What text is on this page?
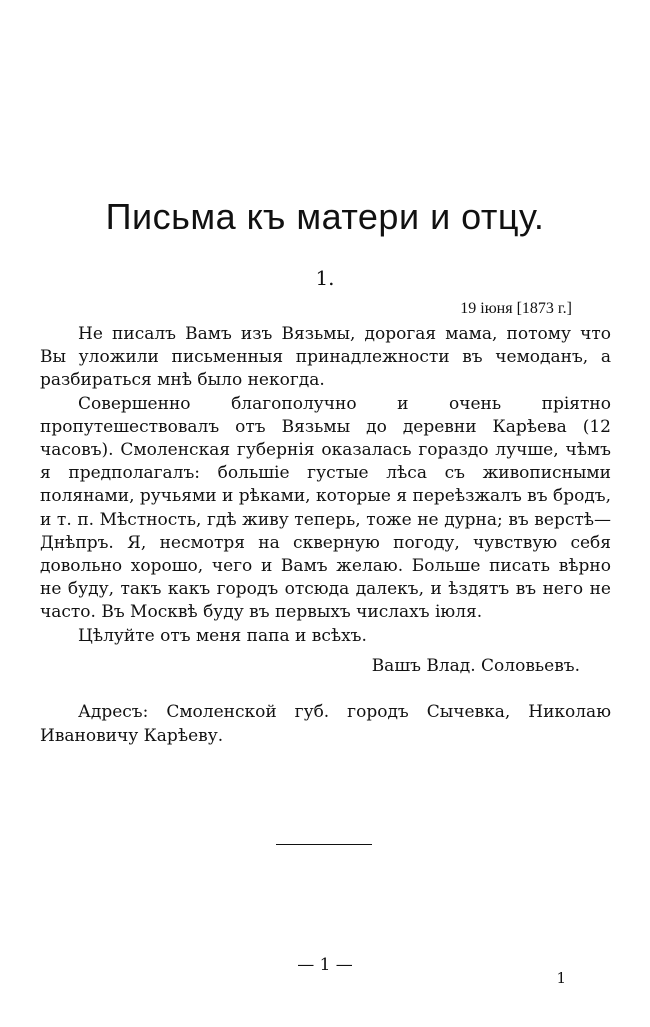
Письма къ матери и отцу.
1.
19 іюня [1873 г.]

Не писалъ Вамъ изъ Вязьмы, дорогая мама, потому что Вы уложили письменныя принадлежности въ чемоданъ, а разбираться мнѣ было некогда.

Совершенно благополучно и очень пріятно пропутешествовалъ отъ Вязьмы до деревни Карѣева (12 часовъ). Смоленская губернія оказалась гораздо лучше, чѣмъ я предполагалъ: большіе густые лѣса съ живописными полянами, ручьями и рѣками, которые я переѣзжалъ въ бродъ, и т. п. Мѣстность, гдѣ живу теперь, тоже не дурна; въ верстѣ—Днѣпръ. Я, несмотря на скверную погоду, чувствую себя довольно хорошо, чего и Вамъ желаю. Больше писать вѣрно не буду, такъ какъ городъ отсюда далекъ, и ѣздятъ въ него не часто. Въ Москвѣ буду въ первыхъ числахъ іюля.

Цѣлуйте отъ меня папа и всѣхъ.

Вашъ Влад. Соловьевъ.

Адресъ: Смоленской губ. городъ Сычевка, Николаю Ивановичу Карѣеву.

— 1 —
1
